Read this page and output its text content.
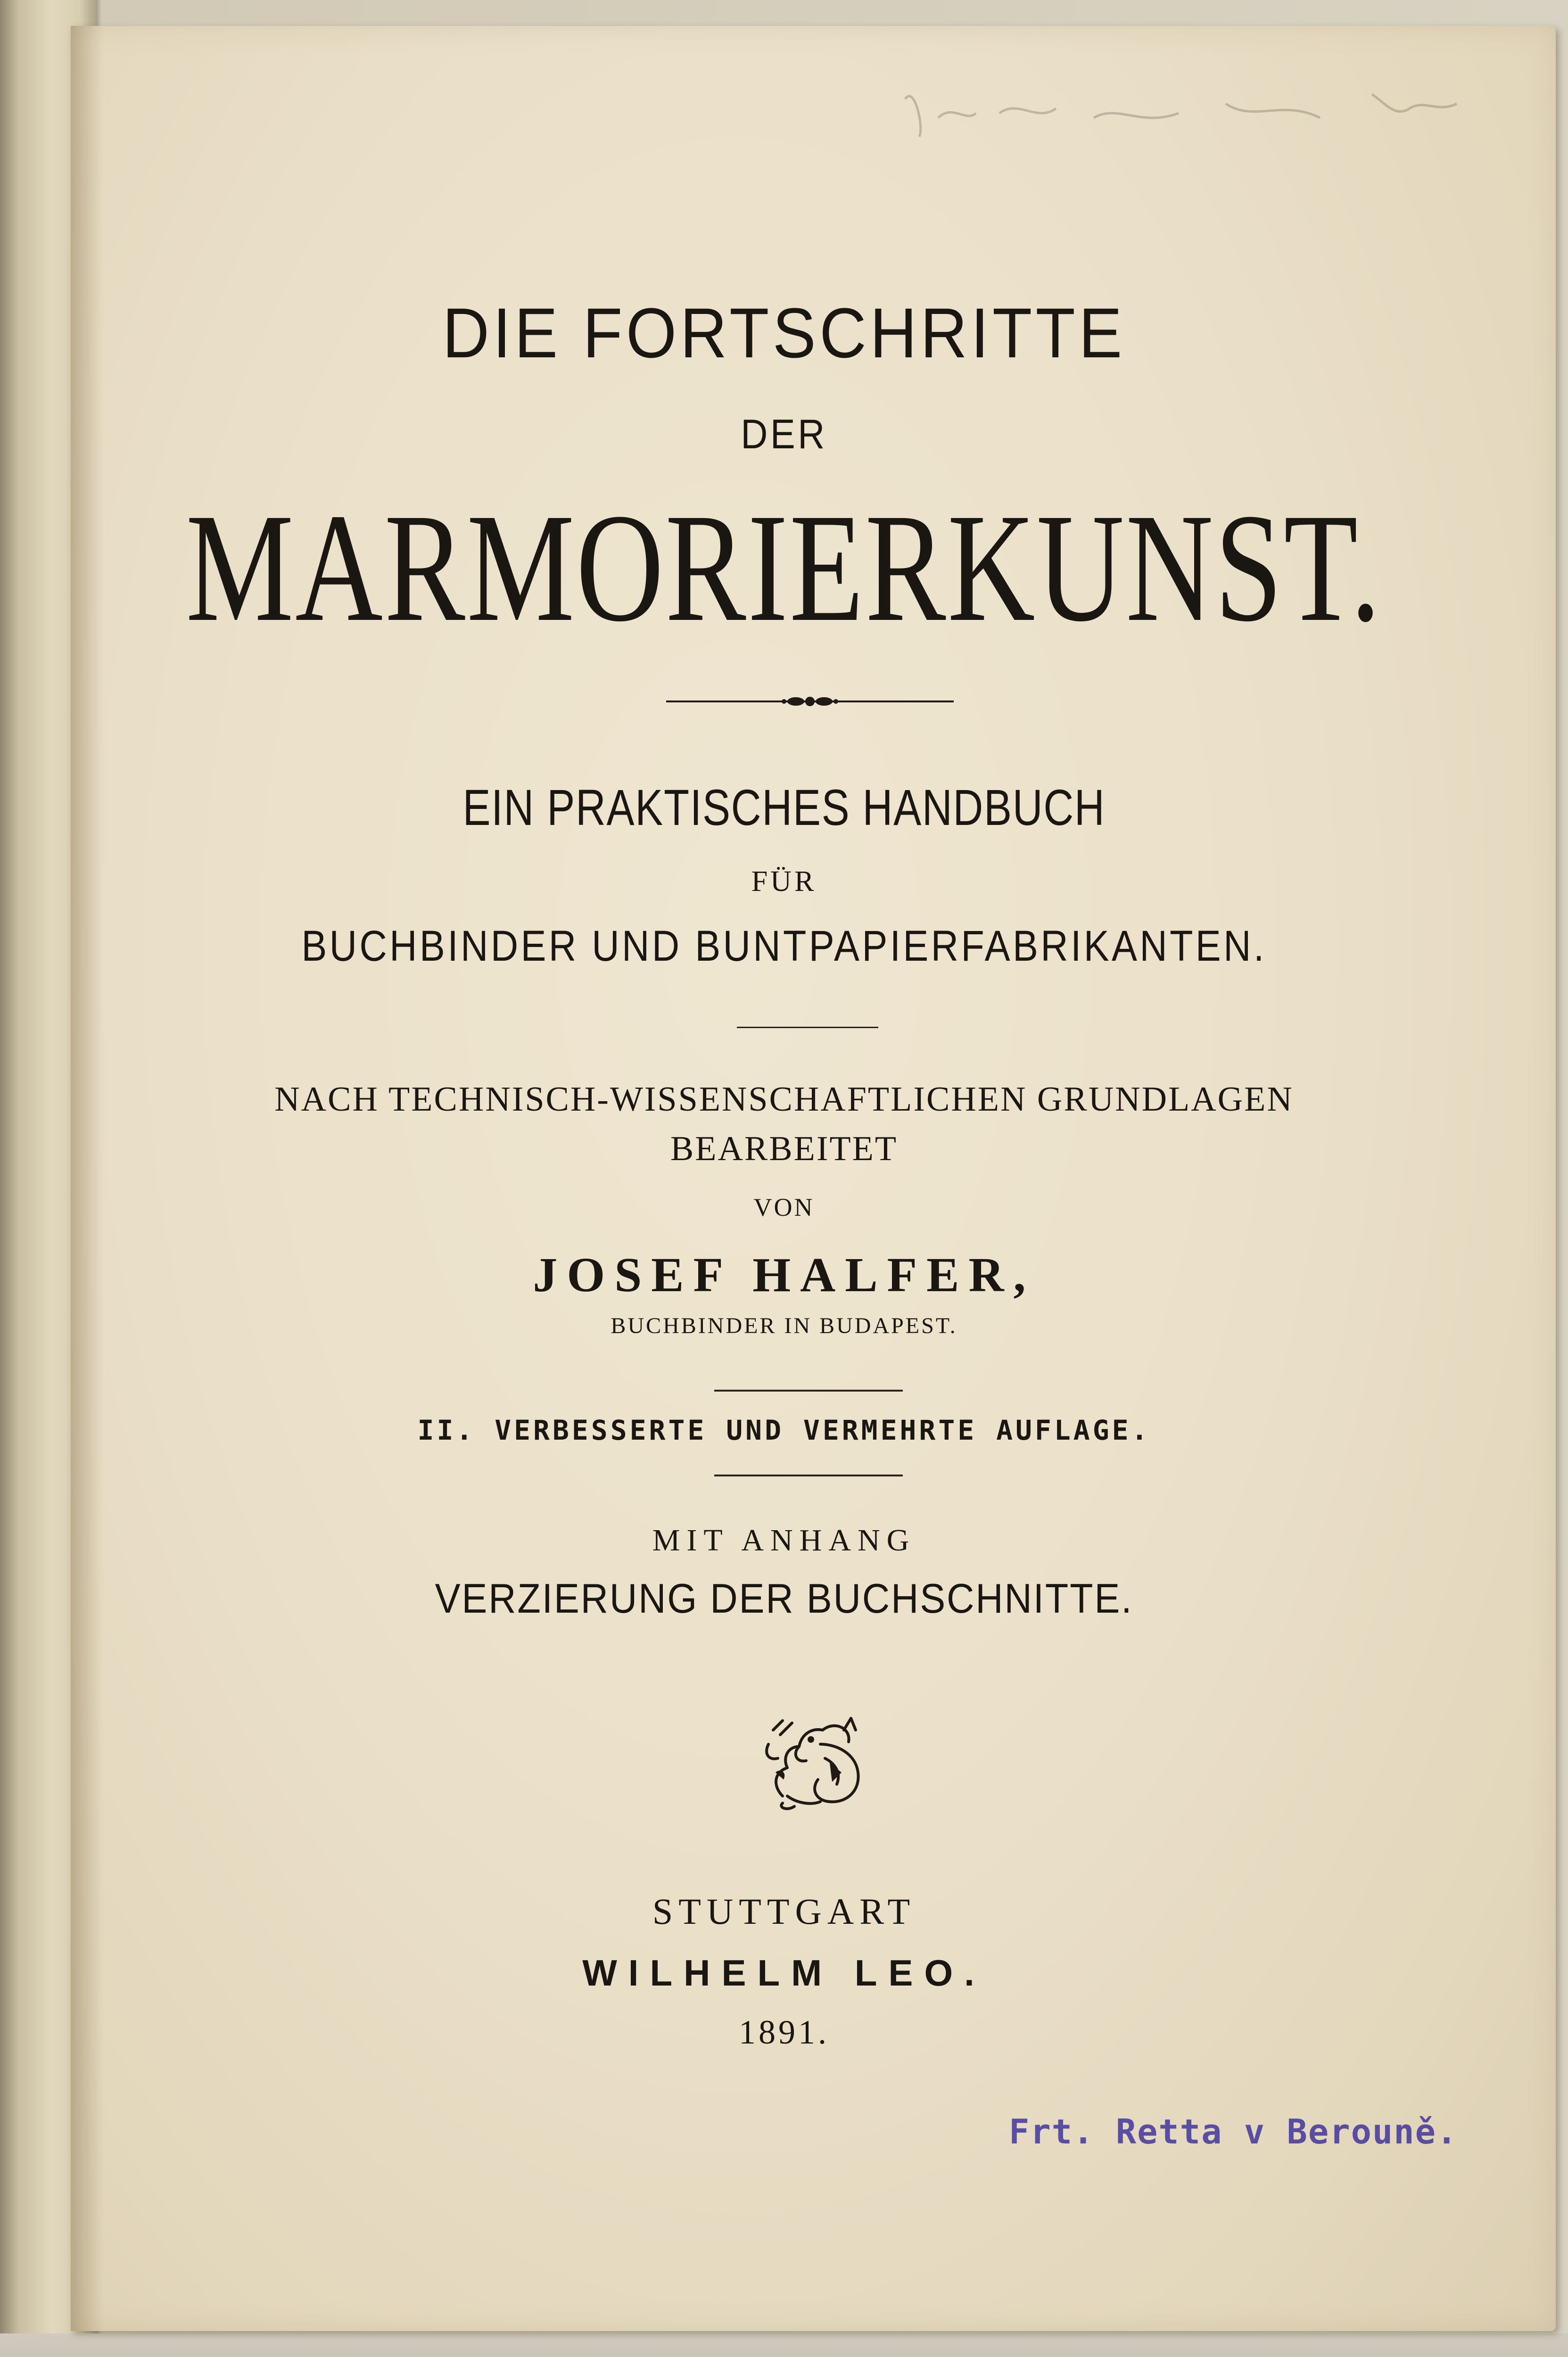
DIE FORTSCHRITTE

DER

MARMORIERKUNST.

EIN PRAKTISCHES HANDBUCH

FÜR

BUCHBINDER UND BUNTPAPIERFABRIKANTEN.

NACH TECHNISCH-WISSENSCHAFTLICHEN GRUNDLAGEN

BEARBEITET

VON

JOSEF HALFER,

BUCHBINDER IN BUDAPEST.

II. VERBESSERTE UND VERMEHRTE AUFLAGE.

MIT ANHANG

VERZIERUNG DER BUCHSCHNITTE.

STUTTGART

WILHELM LEO.

1891.

Frt. Retta v Berouně.
